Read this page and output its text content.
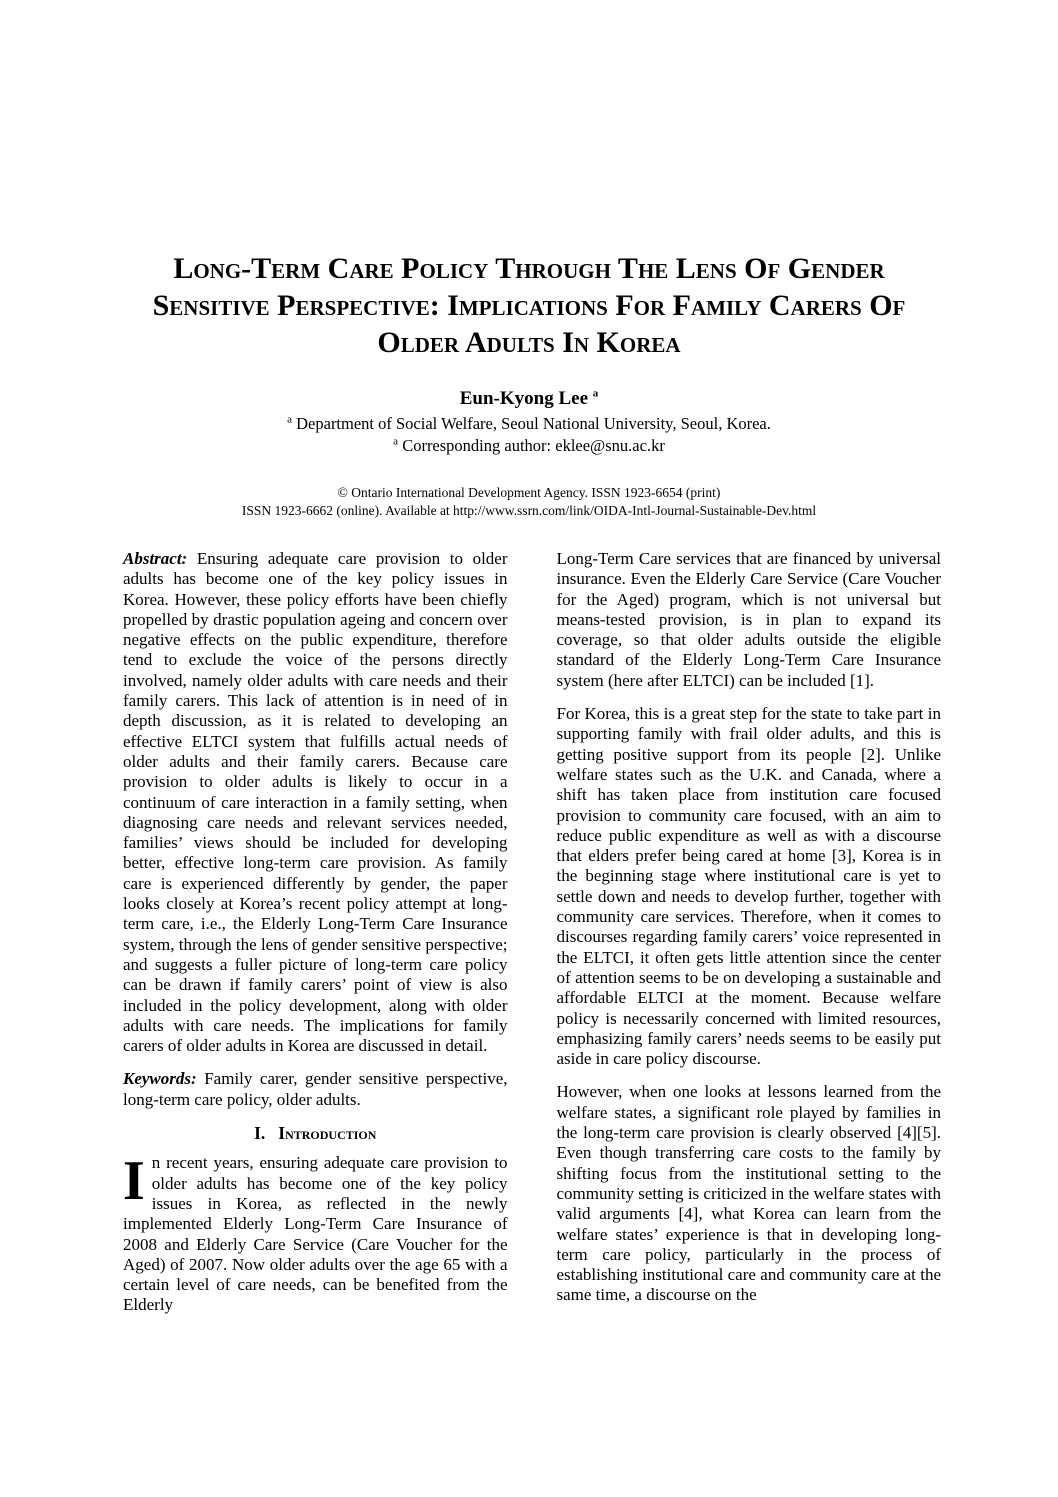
Long-Term Care Policy Through The Lens Of Gender Sensitive Perspective: Implications For Family Carers Of Older Adults In Korea
Eun-Kyong Lee $^a$
$^a$ Department of Social Welfare, Seoul National University, Seoul, Korea.
$^a$ Corresponding author: eklee@snu.ac.kr
© Ontario International Development Agency. ISSN 1923-6654 (print)
ISSN 1923-6662 (online). Available at http://www.ssrn.com/link/OIDA-Intl-Journal-Sustainable-Dev.html

Abstract: Ensuring adequate care provision to older adults has become one of the key policy issues in Korea. However, these policy efforts have been chiefly propelled by drastic population ageing and concern over negative effects on the public expenditure, therefore tend to exclude the voice of the persons directly involved, namely older adults with care needs and their family carers. This lack of attention is in need of in depth discussion, as it is related to developing an effective ELTCI system that fulfills actual needs of older adults and their family carers. Because care provision to older adults is likely to occur in a continuum of care interaction in a family setting, when diagnosing care needs and relevant services needed, families’ views should be included for developing better, effective long-term care provision. As family care is experienced differently by gender, the paper looks closely at Korea’s recent policy attempt at long-term care, i.e., the Elderly Long-Term Care Insurance system, through the lens of gender sensitive perspective; and suggests a fuller picture of long-term care policy can be drawn if family carers’ point of view is also included in the policy development, along with older adults with care needs. The implications for family carers of older adults in Korea are discussed in detail.

Keywords: Family carer, gender sensitive perspective, long-term care policy, older adults.

I. Introduction

In recent years, ensuring adequate care provision to older adults has become one of the key policy issues in Korea, as reflected in the newly implemented Elderly Long-Term Care Insurance of 2008 and Elderly Care Service (Care Voucher for the Aged) of 2007. Now older adults over the age 65 with a certain level of care needs, can be benefited from the Elderly

Long-Term Care services that are financed by universal insurance. Even the Elderly Care Service (Care Voucher for the Aged) program, which is not universal but means-tested provision, is in plan to expand its coverage, so that older adults outside the eligible standard of the Elderly Long-Term Care Insurance system (here after ELTCI) can be included [1].

For Korea, this is a great step for the state to take part in supporting family with frail older adults, and this is getting positive support from its people [2]. Unlike welfare states such as the U.K. and Canada, where a shift has taken place from institution care focused provision to community care focused, with an aim to reduce public expenditure as well as with a discourse that elders prefer being cared at home [3], Korea is in the beginning stage where institutional care is yet to settle down and needs to develop further, together with community care services. Therefore, when it comes to discourses regarding family carers’ voice represented in the ELTCI, it often gets little attention since the center of attention seems to be on developing a sustainable and affordable ELTCI at the moment. Because welfare policy is necessarily concerned with limited resources, emphasizing family carers’ needs seems to be easily put aside in care policy discourse.

However, when one looks at lessons learned from the welfare states, a significant role played by families in the long-term care provision is clearly observed [4][5]. Even though transferring care costs to the family by shifting focus from the institutional setting to the community setting is criticized in the welfare states with valid arguments [4], what Korea can learn from the welfare states’ experience is that in developing long-term care policy, particularly in the process of establishing institutional care and community care at the same time, a discourse on the
